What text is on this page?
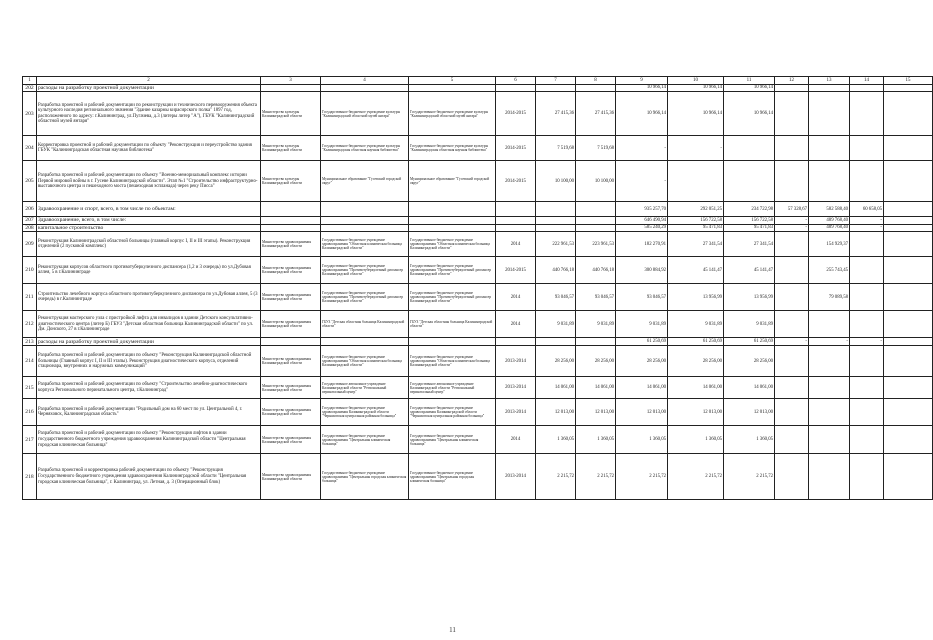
1	2	3	4	5	6	7	8	9	10	11	12	13	14	15
202	расходы на разработку проектной документации							10 966,14	10 966,14	10 966,14				
203	Разработка проектной и рабочей документации по реконструкции и технического перевооружения объекта культурного наследия регионального значения "Здание казармы кирасирского полка" 1897 год, расположенного по адресу: г.Калининград, ул.Пугачева, д.3 (литеры литер "А"), ГБУК "Калининградский областной музей янтаря"	Министерство культуры Калининградской области	Государственное бюджетное учреждение культуры "Калининградский областной музей янтаря"	Государственное бюджетное учреждение культуры "Калининградский областной музей янтаря"	2014-2015	27 415,36	27 415,36	10 966,14	10 966,14	10 966,14				
204	Корректировка проектной и рабочей документации по объекту "Реконструкция и переустройство здания ГБУК "Калининградская областная научная библиотека"	Министерство культуры Калининградской области	Государственное бюджетное учреждение культуры "Калининградская областная научная библиотека"	Государственное бюджетное учреждение культуры "Калининградская областная научная библиотека"	2014-2015	7 519,68	7 519,68	-	-					
205	Разработка проектной и рабочей документации по объекту "Военно-мемориальный комплекс истории Первой мировой войны в г. Гусеве Калининградской области". Этап №1 "Строительство инфраструктурно-выставочного центра и пешеходного моста (пешеходная эспланада) через реку Писса"	Министерство культуры Калининградской области	Муниципальное образование "Гусевский городской округ"	Муниципальное образование "Гусевский городской округ"	2014-2015	10 100,00	10 100,00	-						
206	Здравоохранение и спорт, всего, в том числе по объектам:							935 257,70	292 051,25	234 722,98	57 328,67	582 588,40	60 658,05	
207	Здравоохранение, всего, в том числе:							646 490,94	156 722,58	156 722,58	-	489 768,40	-	
208	капитальное строительство							585 240,29	95 471,83	95 471,83	-	489 768,40	-	
209	Реконструкция Калининградской областной больницы (главный корпус I, II и III этапы). Реконструкция отделений (2 пусковой комплекс)	Министерство здравоохранения Калининградской области	Государственное бюджетное учреждение здравоохранения "Областная клиническая больница Калининградской области"	Государственное бюджетное учреждение здравоохранения "Областная клиническая больница Калининградской области"	2014	222 961,53	223 961,53	182 270,91	27 341,54	27 341,54		154 929,37		
210	Реконструкция корпусов областного противотуберкулезного диспансера (1,2 и 3 очередь) по ул.Дубовая аллея, 5 в г.Калининграде	Министерство здравоохранения Калининградской области	Государственное бюджетное учреждение здравоохранения "Противотуберкулезный диспансер Калининградской области"	Государственное бюджетное учреждение здравоохранения "Противотуберкулезный диспансер Калининградской области"	2014-2015	440 766,18	440 766,18	300 884,92	45 141,47	45 141,47		255 743,45		
211	Строительство лечебного корпуса областного противотуберкулезного диспансера по ул.Дубовая аллея, 5 (3 очередь) в г.Калининграде	Министерство здравоохранения Калининградской области	Государственное бюджетное учреждение здравоохранения "Противотуберкулезный диспансер Калининградской области"	Государственное бюджетное учреждение здравоохранения "Противотуберкулезный диспансер Калининградской области"	2014	93 046,57	93 046,57	93 046,57	13 956,99	13 956,99		79 089,58		
212	Реконструкция мастерского узла с пристройкой лифта для инвалидов в здании Детского консультативно-диагностического центра (литер Б) ГБУЗ "Детская областная больница Калининградской области" по ул. Дм. Донского, 27 в г.Калининграде	Министерство здравоохранения Калининградской области	ГБУЗ "Детская областная больница Калининградской области"	ГБУЗ "Детская областная больница Калининградской области"	2014	9 031,89	9 031,89	9 031,89	9 031,89	9 031,89				
213	расходы на разработку проектной документации							61 250,69	61 250,69	61 250,69	-	-	-	
214	Разработка проектной и рабочей документации по объекту "Реконструкция Калининградской областной больницы (Главный корпус I, II и III этапы). Реконструкция диагностического корпуса, отделений стационара, внутренних и наружных коммуникаций"	Министерство здравоохранения Калининградской области	Государственное бюджетное учреждение здравоохранения "Областная клиническая больница Калининградской области"	Государственное бюджетное учреждение здравоохранения "Областная клиническая больница Калининградской области"	2013-2014	28 256,00	28 256,00	28 256,00	28 256,00	28 256,00				
215	Разработка проектной и рабочей документации по объекту "Строительство лечебно-диагностического корпуса Регионального перинатального центра, г.Калининград"	Министерство здравоохранения Калининградской области	Государственное автономное учреждение Калининградской области "Региональный перинатальный центр"	Государственное автономное учреждение Калининградской области "Региональный перинатальный центр"	2013-2014	14 061,00	14 061,00	14 061,00	14 061,00	14 061,00				
216	Разработка проектной и рабочей документации "Родильный дом на 60 мест по ул. Центральной 4, г. Черняховск, Калининградская область"	Министерство здравоохранения Калининградской области	Государственное бюджетное учреждение здравоохранения Калининградской области "Черняховская центральная районная больница"	Государственное бюджетное учреждение здравоохранения Калининградской области "Черняховская центральная районная больница"	2013-2014	12 013,00	12 013,00	12 013,00	12 013,00	12 013,00				
217	Разработка проектной и рабочей документации по объекту "Реконструкция лифтов в здании государственного бюджетного учреждения здравоохранения Калининградской области "Центральная городская клиническая больница"	Министерство здравоохранения Калининградской области	Государственное бюджетное учреждение здравоохранения "Центральная клиническая больница"	Государственное бюджетное учреждение здравоохранения "Центральная клиническая больница"	2014	1 360,05	1 360,05	1 360,05	1 360,05	1 360,05				
218	Разработка проектной и корректировка рабочей документации по объекту "Реконструкция Государственного бюджетного учреждения здравоохранения Калининградской области "Центральная городская клиническая больница", г. Калининград, ул. Летная, д. 3 (Операционный блок)	Министерство здравоохранения Калининградской области	Государственное бюджетное учреждение здравоохранения "Центральная городская клиническая больница"	Государственное бюджетное учреждение здравоохранения "Центральная городская клиническая больница"	2013-2014	2 215,72	2 215,72	2 215,72	2 215,72	2 215,72				
11
